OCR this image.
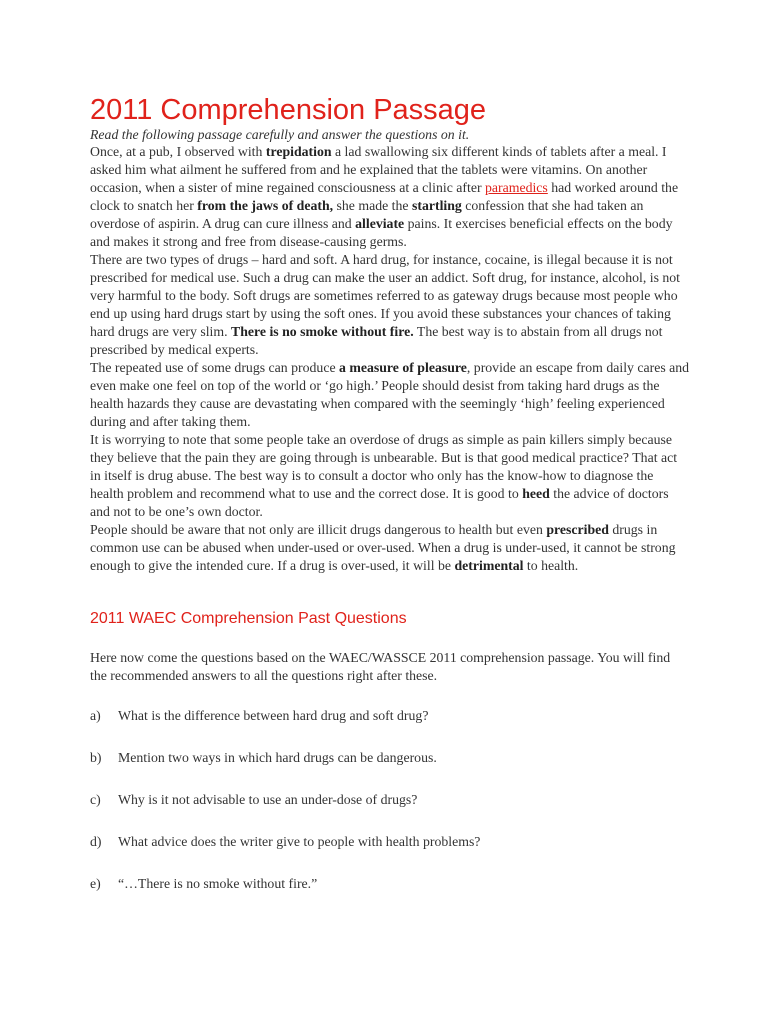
2011 Comprehension Passage

Read the following passage carefully and answer the questions on it.

Once, at a pub, I observed with trepidation a lad swallowing six different kinds of tablets after a meal. I asked him what ailment he suffered from and he explained that the tablets were vitamins. On another occasion, when a sister of mine regained consciousness at a clinic after paramedics had worked around the clock to snatch her from the jaws of death, she made the startling confession that she had taken an overdose of aspirin. A drug can cure illness and alleviate pains. It exercises beneficial effects on the body and makes it strong and free from disease-causing germs.

There are two types of drugs – hard and soft. A hard drug, for instance, cocaine, is illegal because it is not prescribed for medical use. Such a drug can make the user an addict. Soft drug, for instance, alcohol, is not very harmful to the body. Soft drugs are sometimes referred to as gateway drugs because most people who end up using hard drugs start by using the soft ones. If you avoid these substances your chances of taking hard drugs are very slim. There is no smoke without fire. The best way is to abstain from all drugs not prescribed by medical experts.

The repeated use of some drugs can produce a measure of pleasure, provide an escape from daily cares and even make one feel on top of the world or ‘go high.’ People should desist from taking hard drugs as the health hazards they cause are devastating when compared with the seemingly ‘high’ feeling experienced during and after taking them.

It is worrying to note that some people take an overdose of drugs as simple as pain killers simply because they believe that the pain they are going through is unbearable. But is that good medical practice? That act in itself is drug abuse. The best way is to consult a doctor who only has the know-how to diagnose the health problem and recommend what to use and the correct dose. It is good to heed the advice of doctors and not to be one’s own doctor.

People should be aware that not only are illicit drugs dangerous to health but even prescribed drugs in common use can be abused when under-used or over-used. When a drug is under-used, it cannot be strong enough to give the intended cure. If a drug is over-used, it will be detrimental to health.

2011 WAEC Comprehension Past Questions

Here now come the questions based on the WAEC/WASSCE 2011 comprehension passage. You will find the recommended answers to all the questions right after these.

a) What is the difference between hard drug and soft drug?
b) Mention two ways in which hard drugs can be dangerous.
c) Why is it not advisable to use an under-dose of drugs?
d) What advice does the writer give to people with health problems?
e) “…There is no smoke without fire.”
